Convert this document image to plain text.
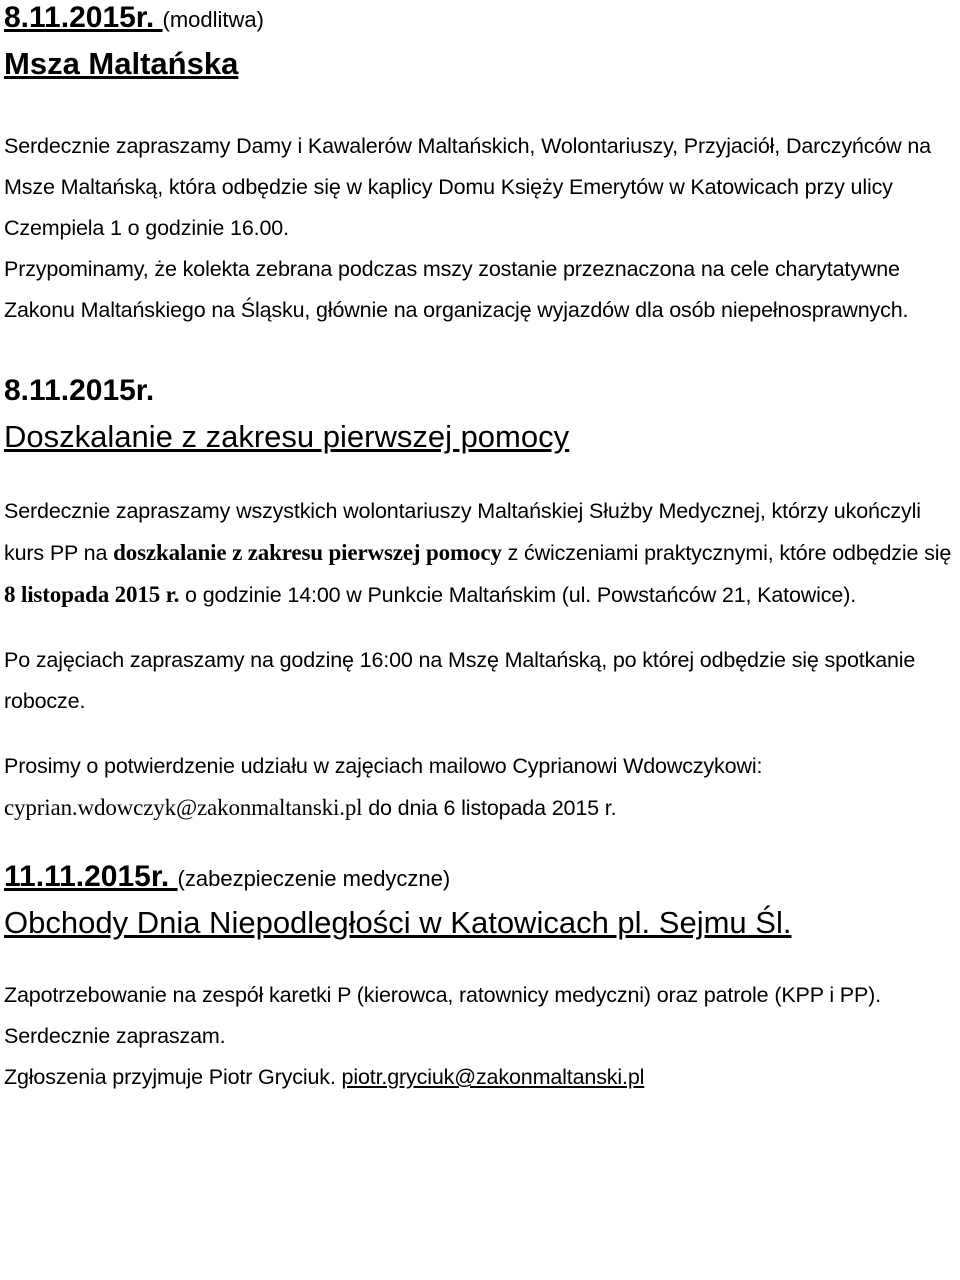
8.11.2015r. (modlitwa)
Msza Maltańska

Serdecznie zapraszamy Damy i Kawalerów Maltańskich, Wolontariuszy, Przyjaciół, Darczyńców na Msze Maltańską, która odbędzie się w kaplicy Domu Księży Emerytów w Katowicach przy ulicy Czempiela 1 o godzinie 16.00.

Przypominamy, że kolekta zebrana podczas mszy zostanie przeznaczona na cele charytatywne Zakonu Maltańskiego na Śląsku, głównie na organizację wyjazdów dla osób niepełnosprawnych.

8.11.2015r.
Doszkalanie z zakresu pierwszej pomocy

Serdecznie zapraszamy wszystkich wolontariuszy Maltańskiej Służby Medycznej, którzy ukończyli kurs PP na doszkalanie z zakresu pierwszej pomocy z ćwiczeniami praktycznymi, które odbędzie się 8 listopada 2015 r. o godzinie 14:00 w Punkcie Maltańskim (ul. Powstańców 21, Katowice).

Po zajęciach zapraszamy na godzinę 16:00 na Mszę Maltańską, po której odbędzie się spotkanie robocze.

Prosimy o potwierdzenie udziału w zajęciach mailowo Cyprianowi Wdowczykowi: cyprian.wdowczyk@zakonmaltanski.pl do dnia 6 listopada 2015 r.

11.11.2015r. (zabezpieczenie medyczne)
Obchody Dnia Niepodległości w Katowicach pl. Sejmu Śl.

Zapotrzebowanie na zespół karetki P (kierowca, ratownicy medyczni) oraz patrole (KPP i PP).

Serdecznie zapraszam.

Zgłoszenia przyjmuje Piotr Gryciuk. piotr.gryciuk@zakonmaltanski.pl
